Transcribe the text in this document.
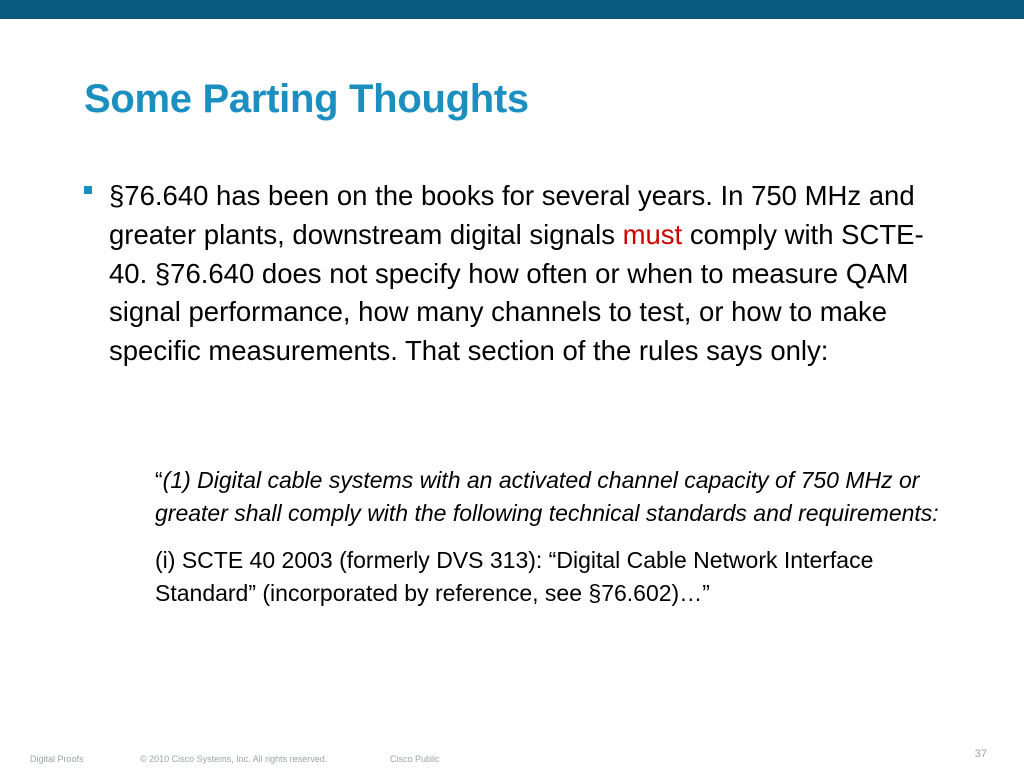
Some Parting Thoughts
§76.640 has been on the books for several years. In 750 MHz and greater plants, downstream digital signals must comply with SCTE-40. §76.640 does not specify how often or when to measure QAM signal performance, how many channels to test, or how to make specific measurements. That section of the rules says only:

“(1) Digital cable systems with an activated channel capacity of 750 MHz or greater shall comply with the following technical standards and requirements:

(i) SCTE 40 2003 (formerly DVS 313): “Digital Cable Network Interface Standard” (incorporated by reference, see §76.602)…”

Digital Proofs	© 2010 Cisco Systems, Inc. All rights reserved.	Cisco Public	37
